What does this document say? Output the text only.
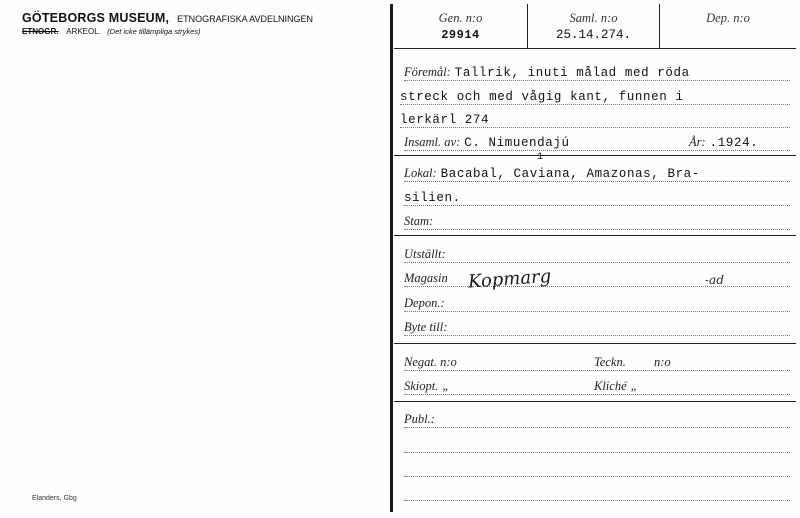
GÖTEBORGS MUSEUM, ETNOGRAFISKA AVDELNINGEN
ETNOGR. ARKEOL. (Det icke tillämpliga strykes)
Elanders, Gbg
Gen. n:o
29914
Saml. n:o
25.14.274.
Dep. n:o
Föremål: Tallrik, inuti målad med röda
streck och med vågig kant, funnen i
lerkärl 274
Insaml. av: C. Nimuendajú	År: .1924.
1
Lokal: Bacabal, Caviana, Amazonas, Bra-
silien.
Stam:
Utställt:
Magasin	Kopmarg	-ad
Depon.:
Byte till:
Negat. n:o	Teckn.	n:o
Skiopt. „	Kliché „
Publ.:
